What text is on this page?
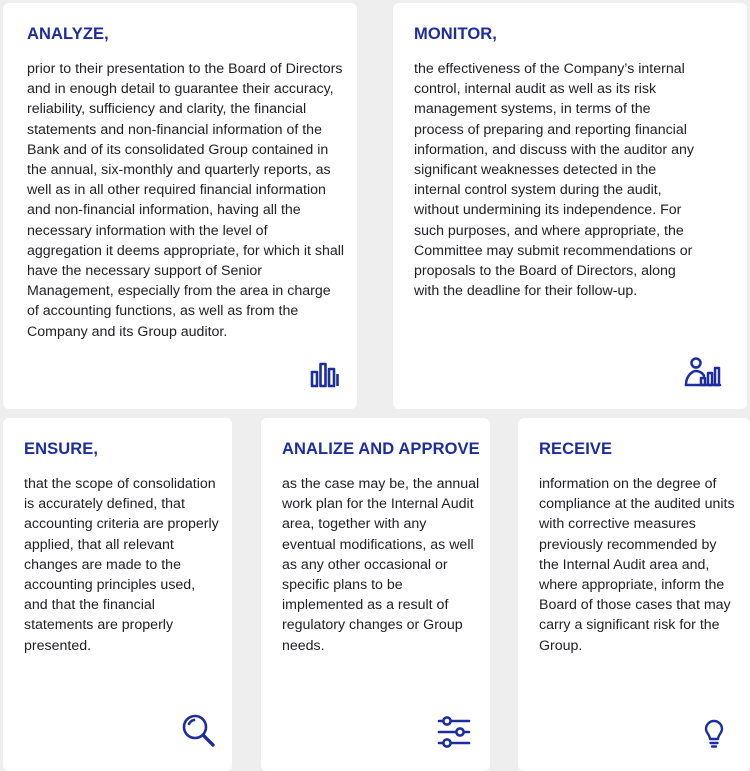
ANALYZE,

prior to their presentation to the Board of Directors and in enough detail to guarantee their accuracy, reliability, sufficiency and clarity, the financial statements and non-financial information of the Bank and of its consolidated Group contained in the annual, six-monthly and quarterly reports, as well as in all other required financial information and non-financial information, having all the necessary information with the level of aggregation it deems appropriate, for which it shall have the necessary support of Senior Management, especially from the area in charge of accounting functions, as well as from the Company and its Group auditor.

MONITOR,

the effectiveness of the Company’s internal control, internal audit as well as its risk management systems, in terms of the process of preparing and reporting financial information, and discuss with the auditor any significant weaknesses detected in the internal control system during the audit, without undermining its independence. For such purposes, and where appropriate, the Committee may submit recommendations or proposals to the Board of Directors, along with the deadline for their follow-up.

ENSURE,

that the scope of consolidation is accurately defined, that accounting criteria are properly applied, that all relevant changes are made to the accounting principles used, and that the financial statements are properly presented.

ANALIZE AND APPROVE

as the case may be, the annual work plan for the Internal Audit area, together with any eventual modifications, as well as any other occasional or specific plans to be implemented as a result of regulatory changes or Group needs.

RECEIVE

information on the degree of compliance at the audited units with corrective measures previously recommended by the Internal Audit area and, where appropriate, inform the Board of those cases that may carry a significant risk for the Group.
